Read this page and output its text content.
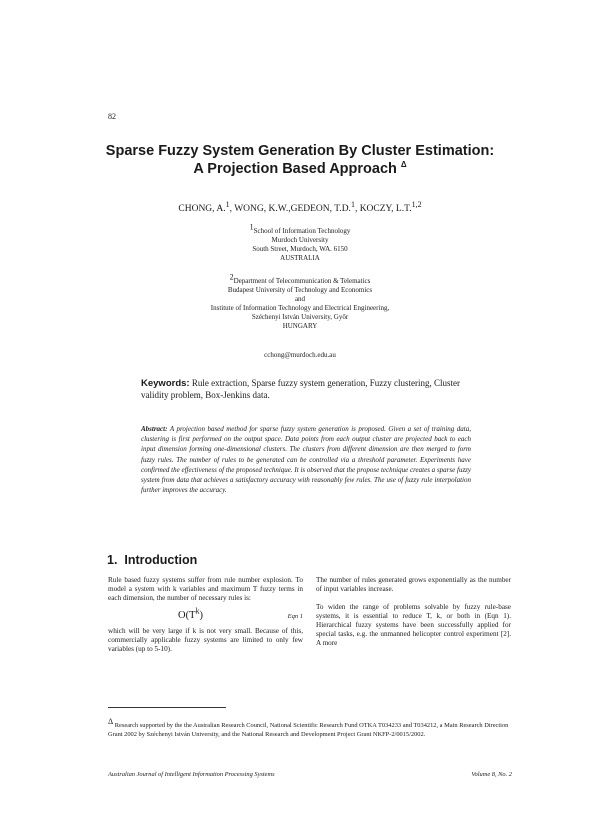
82
Sparse Fuzzy System Generation By Cluster Estimation:
A Projection Based Approach $^\Delta$
CHONG, A.$^1$, WONG, K.W.,GEDEON, T.D.$^1$, KOCZY, L.T.$^{1,2}$
1School of Information Technology
Murdoch University
South Street, Murdoch, WA. 6150
AUSTRALIA
2Department of Telecommunication & Telematics
Budapest University of Technology and Economics
and
Institute of Information Technology and Electrical Engineering,
Széchenyi István University, Győr
HUNGARY
cchong@murdoch.edu.au
Keywords: Rule extraction, Sparse fuzzy system generation, Fuzzy clustering, Cluster validity problem, Box-Jenkins data.
Abstract: A projection based method for sparse fuzzy system generation is proposed. Given a set of training data, clustering is first performed on the output space. Data points from each output cluster are projected back to each input dimension forming one-dimensional clusters. The clusters from different dimension are then merged to form fuzzy rules. The number of rules to be generated can be controlled via a threshold parameter. Experiments have confirmed the effectiveness of the proposed technique. It is observed that the propose technique creates a sparse fuzzy system from data that achieves a satisfactory accuracy with reasonably few rules. The use of fuzzy rule interpolation further improves the accuracy.
1. Introduction
Rule based fuzzy systems suffer from rule number explosion. To model a system with k variables and maximum T fuzzy terms in each dimension, the number of necessary rules is:
$O(T^k)$	Eqn 1
which will be very large if k is not very small. Because of this, commercially applicable fuzzy systems are limited to only few variables (up to 5-10).
The number of rules generated grows exponentially as the number of input variables increase.
To widen the range of problems solvable by fuzzy rule-base systems, it is essential to reduce T, k, or both in (Eqn 1). Hierarchical fuzzy systems have been successfully applied for special tasks, e.g. the unmanned helicopter control experiment [2]. A more
Δ Research supported by the the Australian Research Council, National Scientific Research Fund OTKA T034233 and T034212, a Main Research Direction Grant 2002 by Széchenyi István University, and the National Research and Development Project Grant NKFP-2/0015/2002.
Australian Journal of Intelligent Information Processing Systems	Volume 8, No. 2
